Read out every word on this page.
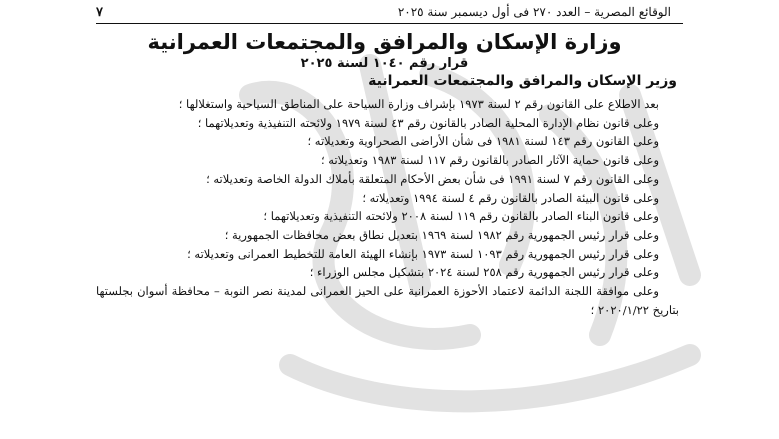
الوقائع المصرية – العدد ٢٧٠ فى أول ديسمبر سنة ٢٠٢٥
٧
وزارة الإسكان والمرافق والمجتمعات العمرانية
قرار رقم ١٠٤٠ لسنة ٢٠٢٥
وزير الإسكان والمرافق والمجتمعات العمرانية

بعد الاطلاع على القانون رقم ٢ لسنة ١٩٧٣ بإشراف وزارة السياحة على المناطق السياحية واستغلالها ؛

وعلى قانون نظام الإدارة المحلية الصادر بالقانون رقم ٤٣ لسنة ١٩٧٩ ولائحته التنفيذية وتعديلاتهما ؛

وعلى القانون رقم ١٤٣ لسنة ١٩٨١ فى شأن الأراضى الصحراوية وتعديلاته ؛

وعلى قانون حماية الآثار الصادر بالقانون رقم ١١٧ لسنة ١٩٨٣ وتعديلاته ؛

وعلى القانون رقم ٧ لسنة ١٩٩١ فى شأن بعض الأحكام المتعلقة بأملاك الدولة الخاصة وتعديلاته ؛

وعلى قانون البيئة الصادر بالقانون رقم ٤ لسنة ١٩٩٤ وتعديلاته ؛

وعلى قانون البناء الصادر بالقانون رقم ١١٩ لسنة ٢٠٠٨ ولائحته التنفيذية وتعديلاتهما ؛

وعلى قرار رئيس الجمهورية رقم ١٩٨٢ لسنة ١٩٦٩ بتعديل نطاق بعض محافظات الجمهورية ؛

وعلى قرار رئيس الجمهورية رقم ١٠٩٣ لسنة ١٩٧٣ بإنشاء الهيئة العامة للتخطيط العمرانى وتعديلاته ؛

وعلى قرار رئيس الجمهورية رقم ٢٥٨ لسنة ٢٠٢٤ بتشكيل مجلس الوزراء ؛

وعلى موافقة اللجنة الدائمة لاعتماد الأحوزة العمرانية على الحيز العمرانى لمدينة نصر النوبة – محافظة أسوان بجلستها بتاريخ ٢٠٢٠/١/٢٢ ؛
